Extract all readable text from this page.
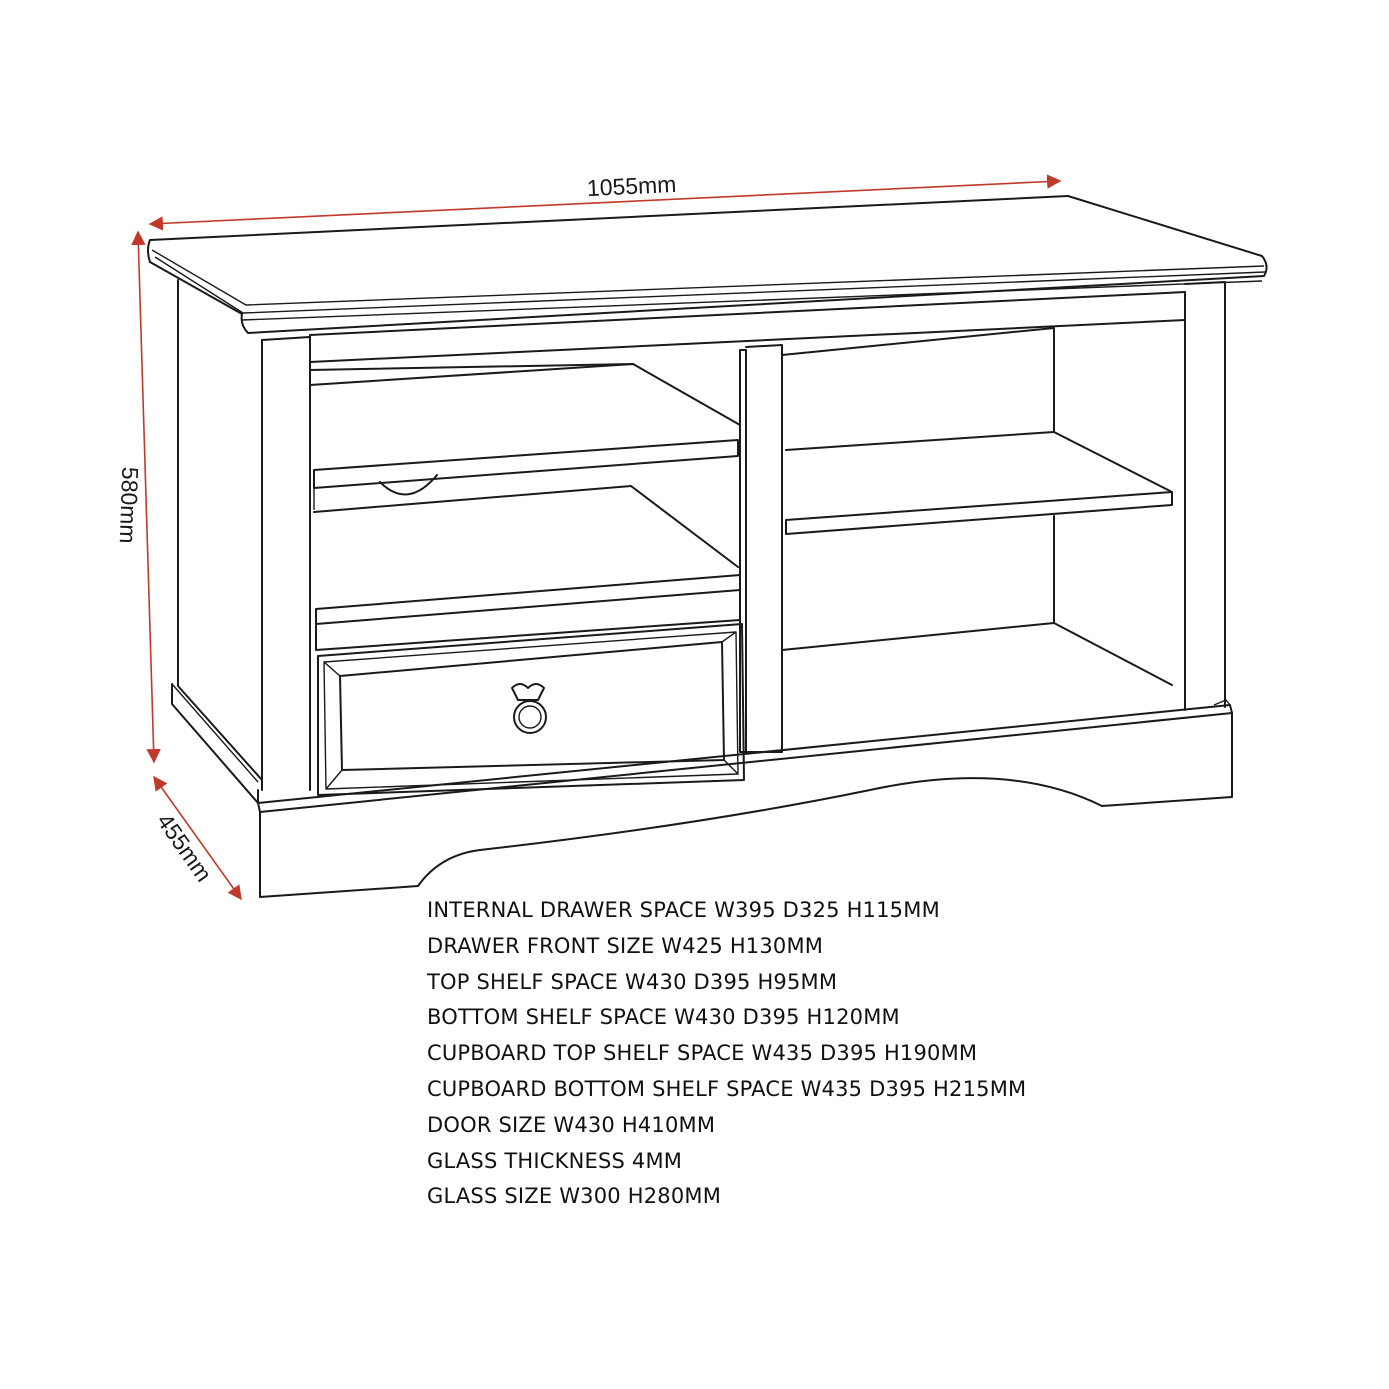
1055mm
580mm
455mm
INTERNAL DRAWER SPACE W395 D325 H115MM
DRAWER FRONT SIZE W425 H130MM
TOP SHELF SPACE W430 D395 H95MM
BOTTOM SHELF SPACE W430 D395 H120MM
CUPBOARD TOP SHELF SPACE W435 D395 H190MM
CUPBOARD BOTTOM SHELF SPACE W435 D395 H215MM
DOOR SIZE W430 H410MM
GLASS THICKNESS 4MM
GLASS SIZE W300 H280MM
